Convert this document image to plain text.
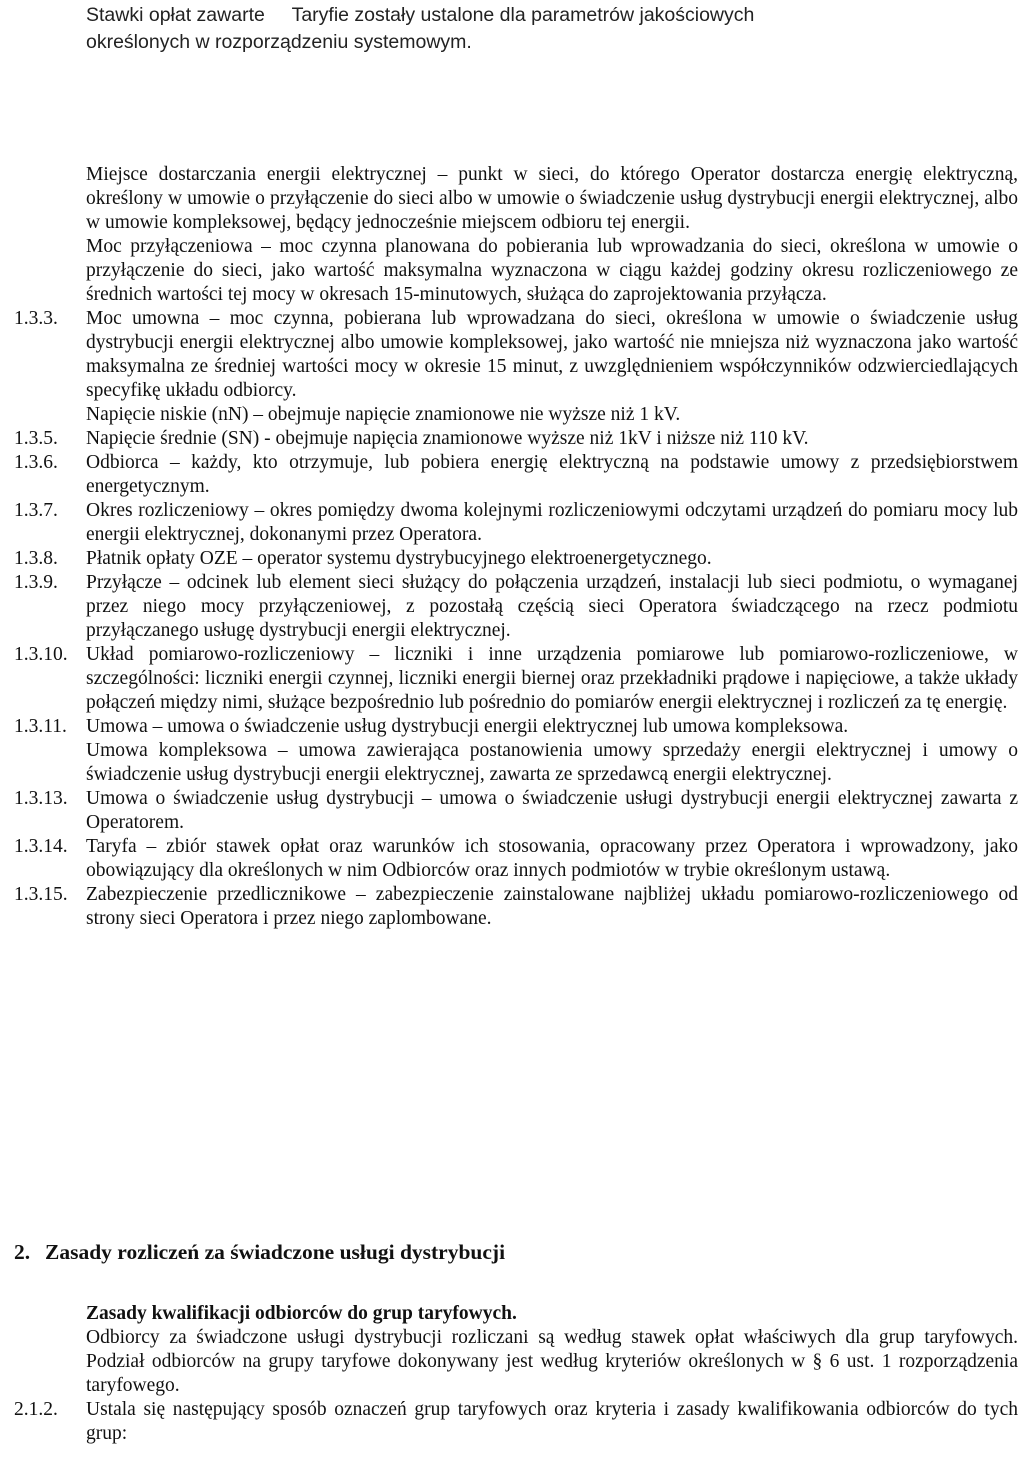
Stawki opłat zawarte     Taryfie zostały ustalone dla parametrów jakościowych
określonych w rozporządzeniu systemowym.
Miejsce dostarczania energii elektrycznej – punkt w sieci, do którego Operator dostarcza energię elektryczną, określony w umowie o przyłączenie do sieci albo w umowie o świadczenie usług dystrybucji energii elektrycznej, albo w umowie kompleksowej, będący jednocześnie miejscem odbioru tej energii.
Moc przyłączeniowa – moc czynna planowana do pobierania lub wprowadzania do sieci, określona w umowie o przyłączenie do sieci, jako wartość maksymalna wyznaczona w ciągu każdej godziny okresu rozliczeniowego ze średnich wartości tej mocy w okresach 15-minutowych, służąca do zaprojektowania przyłącza.
1.3.3.	Moc umowna – moc czynna, pobierana lub wprowadzana do sieci, określona w umowie o świadczenie usług dystrybucji energii elektrycznej albo umowie kompleksowej, jako wartość nie mniejsza niż wyznaczona jako wartość maksymalna ze średniej wartości mocy w okresie 15 minut, z uwzględnieniem współczynników odzwierciedlających specyfikę układu odbiorcy.
Napięcie niskie (nN) – obejmuje napięcie znamionowe nie wyższe niż 1 kV.
1.3.5.	Napięcie średnie (SN) - obejmuje napięcia znamionowe wyższe niż 1kV i niższe niż 110 kV.
1.3.6.	Odbiorca – każdy, kto otrzymuje, lub pobiera energię elektryczną na podstawie umowy z przedsiębiorstwem energetycznym.
1.3.7.	Okres rozliczeniowy – okres pomiędzy dwoma kolejnymi rozliczeniowymi odczytami urządzeń do pomiaru mocy lub energii elektrycznej, dokonanymi przez Operatora.
1.3.8.	Płatnik opłaty OZE – operator systemu dystrybucyjnego elektroenergetycznego.
1.3.9.	Przyłącze – odcinek lub element sieci służący do połączenia urządzeń, instalacji lub sieci podmiotu, o wymaganej przez niego mocy przyłączeniowej, z pozostałą częścią sieci Operatora świadczącego na rzecz podmiotu przyłączanego usługę dystrybucji energii elektrycznej.
1.3.10. Układ pomiarowo-rozliczeniowy – liczniki i inne urządzenia pomiarowe lub pomiarowo-rozliczeniowe, w szczególności: liczniki energii czynnej, liczniki energii biernej oraz przekładniki prądowe i napięciowe, a także układy połączeń między nimi, służące bezpośrednio lub pośrednio do pomiarów energii elektrycznej i rozliczeń za tę energię.
1.3.11. Umowa – umowa o świadczenie usług dystrybucji energii elektrycznej lub umowa kompleksowa.
Umowa kompleksowa – umowa zawierająca postanowienia umowy sprzedaży energii elektrycznej i umowy o świadczenie usług dystrybucji energii elektrycznej, zawarta ze sprzedawcą energii elektrycznej.
1.3.13. Umowa o świadczenie usług dystrybucji – umowa o świadczenie usługi dystrybucji energii elektrycznej zawarta z Operatorem.
1.3.14. Taryfa – zbiór stawek opłat oraz warunków ich stosowania, opracowany przez Operatora i wprowadzony, jako obowiązujący dla określonych w nim Odbiorców oraz innych podmiotów w trybie określonym ustawą.
1.3.15. Zabezpieczenie przedlicznikowe – zabezpieczenie zainstalowane najbliżej układu pomiarowo-rozliczeniowego od strony sieci Operatora i przez niego zaplombowane.
2. Zasady rozliczeń za świadczone usługi dystrybucji
Zasady kwalifikacji odbiorców do grup taryfowych.
Odbiorcy za świadczone usługi dystrybucji rozliczani są według stawek opłat właściwych dla grup taryfowych. Podział odbiorców na grupy taryfowe dokonywany jest według kryteriów określonych w § 6 ust. 1 rozporządzenia taryfowego.
2.1.2.	Ustala się następujący sposób oznaczeń grup taryfowych oraz kryteria i zasady kwalifikowania odbiorców do tych grup:
